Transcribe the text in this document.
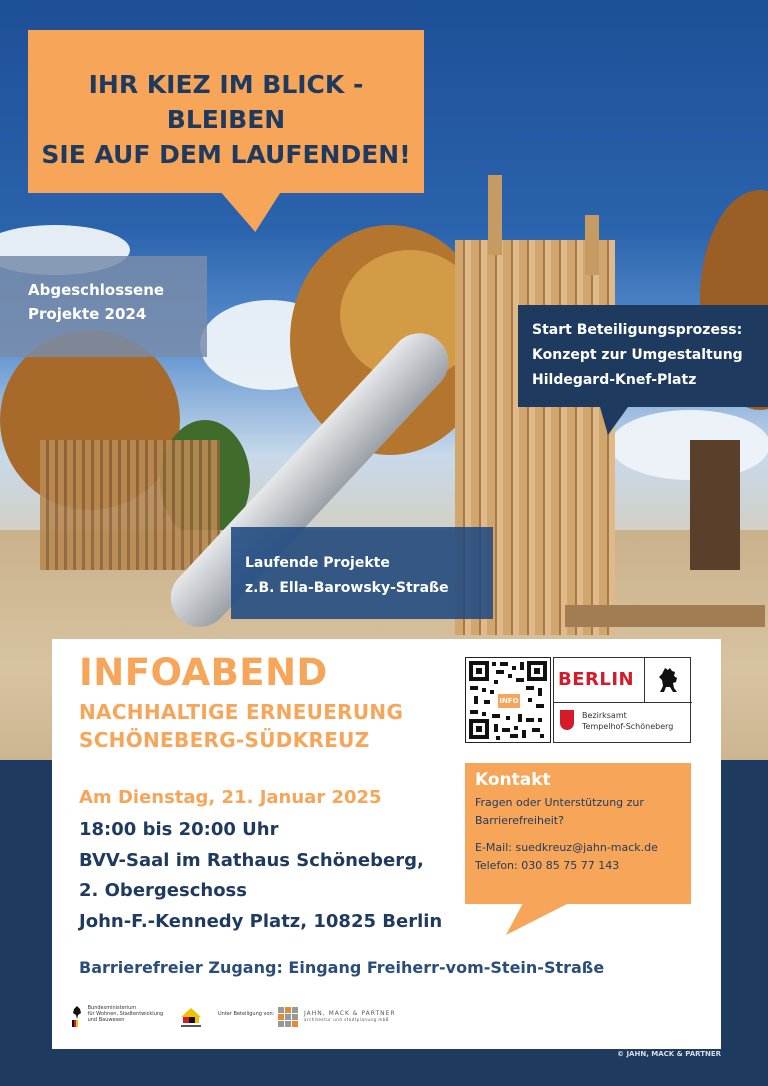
IHR KIEZ IM BLICK - BLEIBEN
SIE AUF DEM LAUFENDEN!
Abgeschlossene
Projekte 2024
Start Beteiligungsprozess:
Konzept zur Umgestaltung
Hildegard-Knef-Platz
Laufende Projekte
z.B. Ella-Barowsky-Straße
INFOABEND
NACHHALTIGE ERNEUERUNG
SCHÖNEBERG-SÜDKREUZ
Am Dienstag, 21. Januar 2025
18:00 bis 20:00 Uhr
BVV-Saal im Rathaus Schöneberg,
2. Obergeschoss
John-F.-Kennedy Platz, 10825 Berlin
Barrierefreier Zugang: Eingang Freiherr-vom-Stein-Straße
INFO
BERLIN
Bezirksamt
Tempelhof-Schöneberg
Kontakt
Fragen oder Unterstützung zur Barrierefreiheit?
E-Mail: suedkreuz@jahn-mack.de
Telefon: 030 85 75 77 143

Bundesministerium
für Wohnen, Stadtentwicklung
und Bauwesen
Unter Beteiligung von:	JAHN, MACK & PARTNER
architektur und stadtplanung mbB
© JAHN, MACK & PARTNER
